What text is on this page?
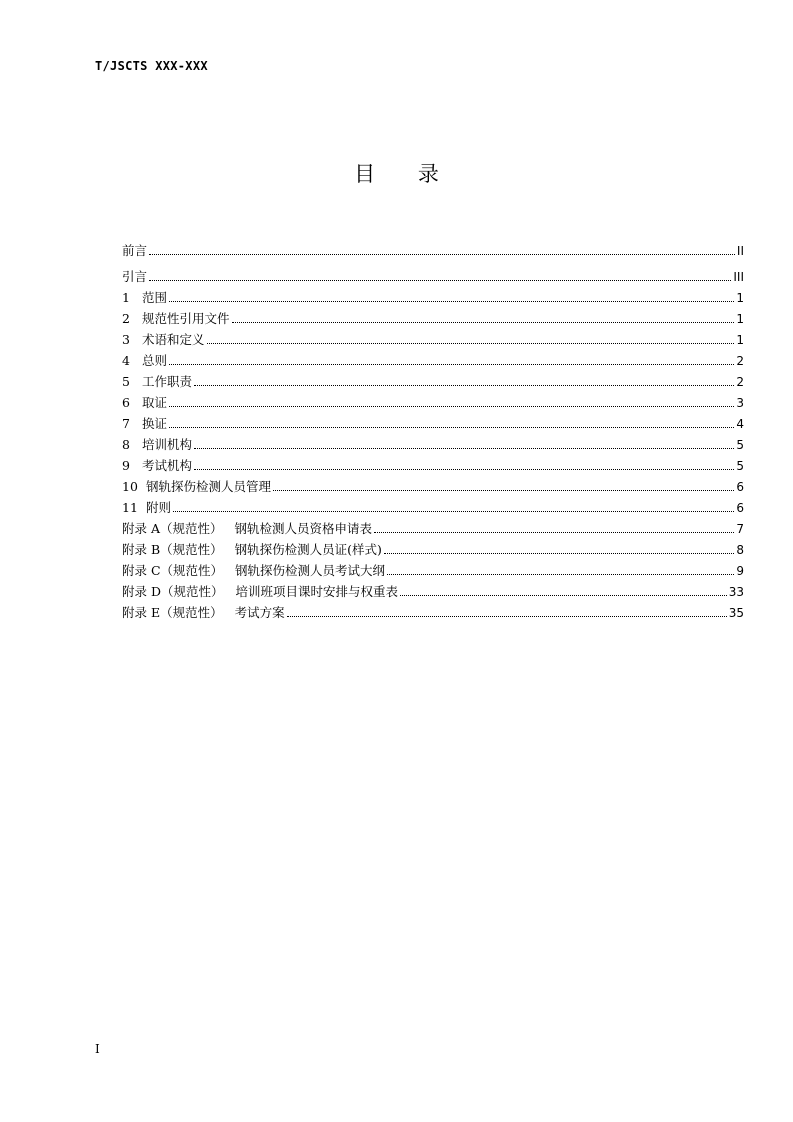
T/JSCTS XXX-XXX
目 录
前言	II
引言	III
1 范围	1
2 规范性引用文件	1
3 术语和定义	1
4 总则	2
5 工作职责	2
6 取证	3
7 换证	4
8 培训机构	5
9 考试机构	5
10 钢轨探伤检测人员管理	6
11 附则	6
附录 A（规范性） 钢轨检测人员资格申请表	7
附录 B（规范性） 钢轨探伤检测人员证(样式)	8
附录 C（规范性） 钢轨探伤检测人员考试大纲	9
附录 D（规范性） 培训班项目课时安排与权重表	33
附录 E（规范性） 考试方案	35
I
